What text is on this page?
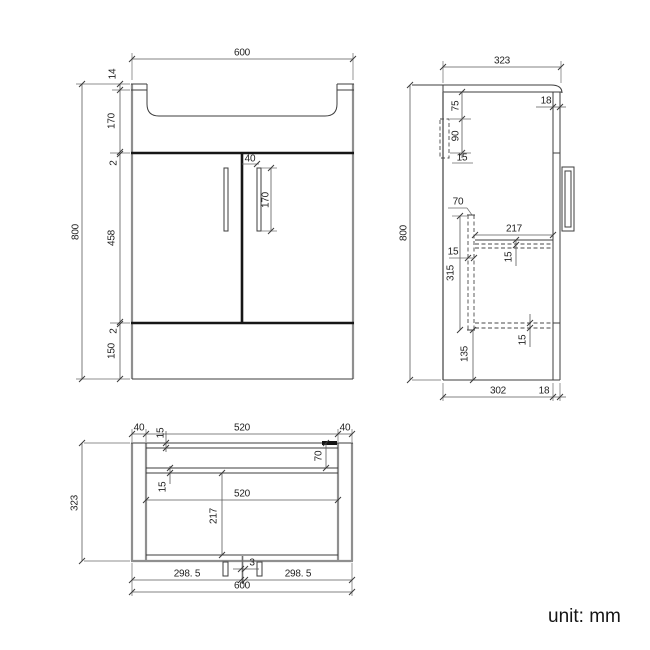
600
14
170
2
458
2
150
800
40
170
323
800
18
75
90
15
70
217
15
15
315
15
135
302	18
40 15	520	40
70
15
520
217
323
3
298. 5	298. 5
600
unit: mm
